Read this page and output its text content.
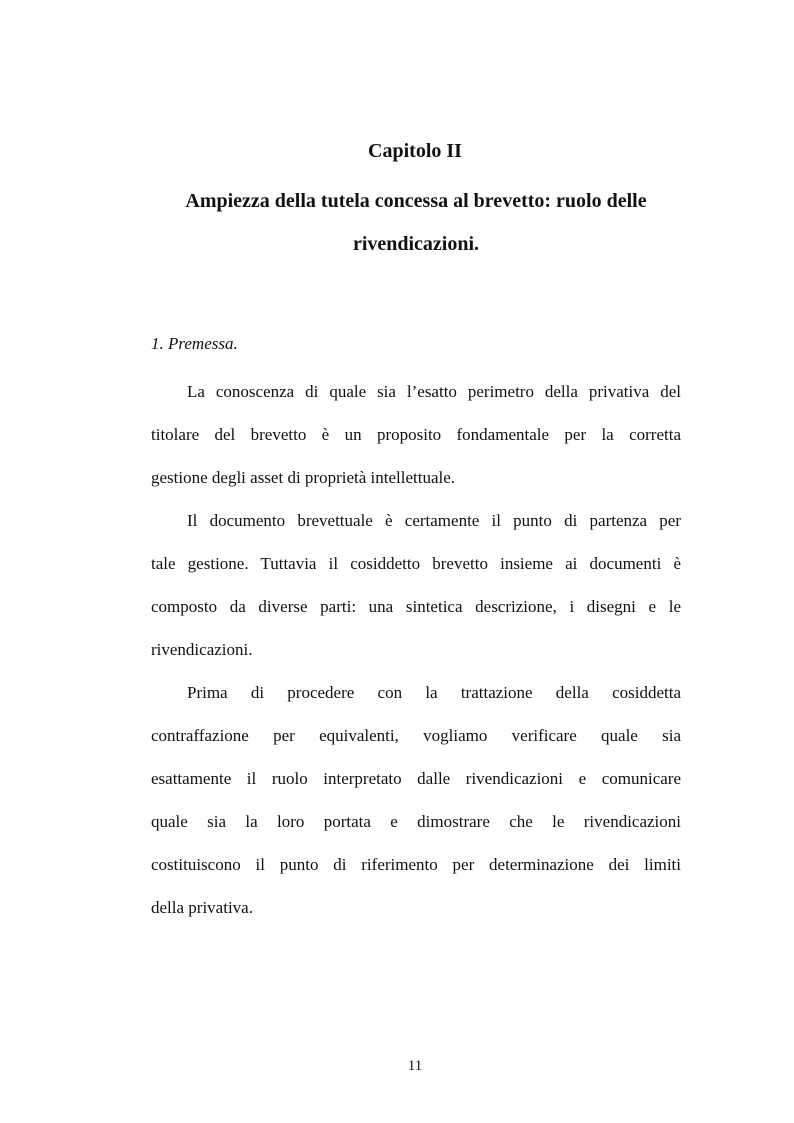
Capitolo II
Ampiezza della tutela concessa al brevetto: ruolo delle
rivendicazioni.
1. Premessa.

La conoscenza di quale sia l’esatto perimetro della privativa del
titolare del brevetto è un proposito fondamentale per la corretta
gestione degli asset di proprietà intellettuale.

Il documento brevettuale è certamente il punto di partenza per
tale gestione. Tuttavia il cosiddetto brevetto insieme ai documenti è
composto da diverse parti: una sintetica descrizione, i disegni e le
rivendicazioni.

Prima di procedere con la trattazione della cosiddetta
contraffazione per equivalenti, vogliamo verificare quale sia
esattamente il ruolo interpretato dalle rivendicazioni e comunicare
quale sia la loro portata e dimostrare che le rivendicazioni
costituiscono il punto di riferimento per determinazione dei limiti
della privativa.

11
